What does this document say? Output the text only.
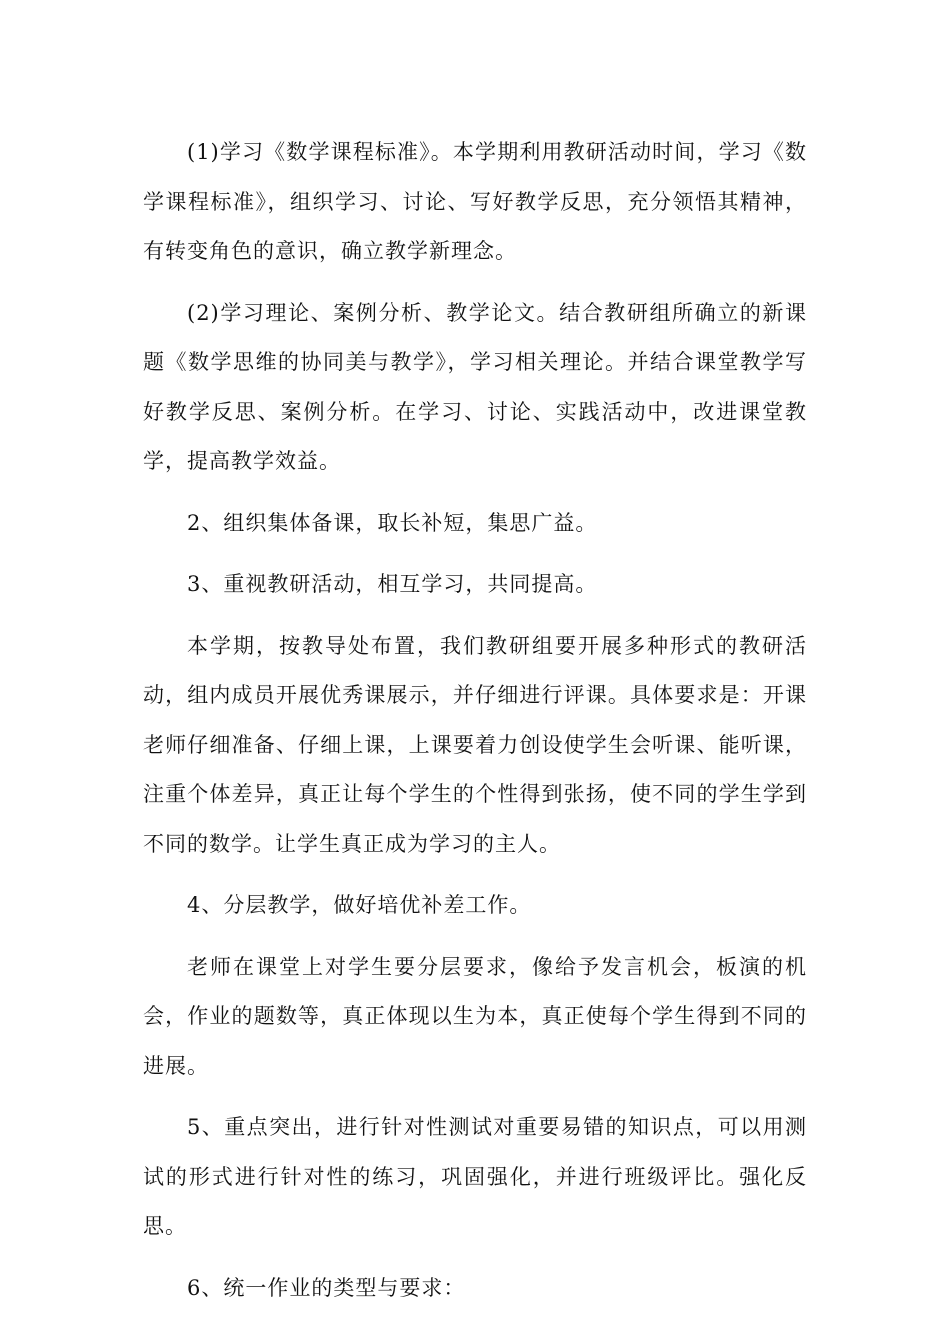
(1)学习《数学课程标准》。本学期利用教研活动时间，学习《数学课程标准》，组织学习、讨论、写好教学反思，充分领悟其精神，有转变角色的意识，确立教学新理念。

(2)学习理论、案例分析、教学论文。结合教研组所确立的新课题《数学思维的协同美与教学》，学习相关理论。并结合课堂教学写好教学反思、案例分析。在学习、讨论、实践活动中，改进课堂教学，提高教学效益。

2、组织集体备课，取长补短，集思广益。

3、重视教研活动，相互学习，共同提高。

本学期，按教导处布置，我们教研组要开展多种形式的教研活动，组内成员开展优秀课展示，并仔细进行评课。具体要求是：开课老师仔细准备、仔细上课，上课要着力创设使学生会听课、能听课，注重个体差异，真正让每个学生的个性得到张扬，使不同的学生学到不同的数学。让学生真正成为学习的主人。

4、分层教学，做好培优补差工作。

老师在课堂上对学生要分层要求，像给予发言机会，板演的机会，作业的题数等，真正体现以生为本，真正使每个学生得到不同的进展。

5、重点突出，进行针对性测试对重要易错的知识点，可以用测试的形式进行针对性的练习，巩固强化，并进行班级评比。强化反思。

6、统一作业的类型与要求：
